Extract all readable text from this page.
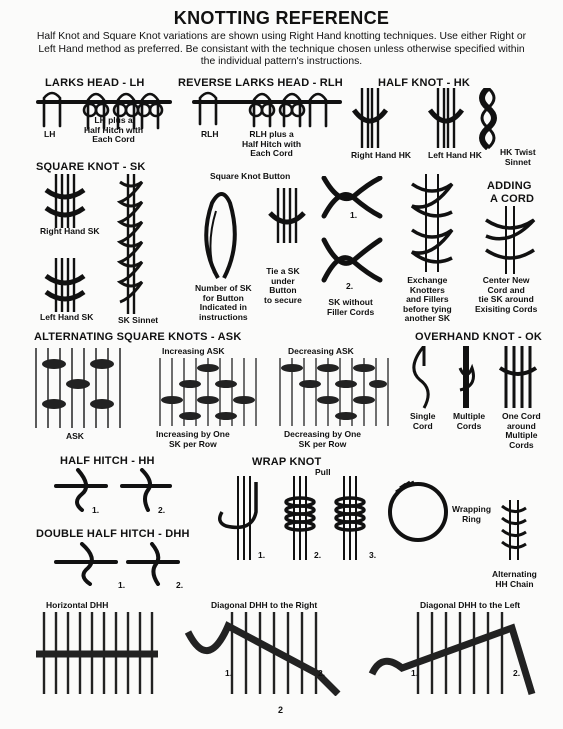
KNOTTING REFERENCE
Half Knot and Square Knot variations are shown using Right Hand knotting techniques. Use either Right or Left Hand method as preferred. Be consistant with the technique chosen unless otherwise specified within the individual pattern's instructions.
LARKS HEAD - LH
LH
LH plus a
Half Hitch with
Each Cord
REVERSE LARKS HEAD - RLH
RLH	RLH plus a
Half Hitch with
Each Cord
HALF KNOT - HK
Right Hand HK Left Hand HK HK Twist
Sinnet
SQUARE KNOT - SK
Right Hand SK
Left Hand SK	SK Sinnet
Square Knot Button
Number of SK
for Button
Indicated in
instructions
Tie a SK
under
Button
to secure
1.
2.
SK without
Filler Cords
Exchange
Knotters
and Fillers
before tying
another SK
ADDING
A CORD
Center New
Cord and
tie SK around
Exisiting Cords
ALTERNATING SQUARE KNOTS - ASK
ASK
Increasing ASK
Increasing by One
SK per Row
Decreasing ASK
Decreasing by One
SK per Row
OVERHAND KNOT - OK
Single
Cord
Multiple
Cords
One Cord
around
Multiple
Cords
HALF HITCH - HH
1.	2.
DOUBLE HALF HITCH - DHH
1.	2.
WRAP KNOT
Pull
1.	2.	3.
Wrapping
Ring
Alternating
HH Chain
Horizontal DHH	Diagonal DHH to the Right
1.	2.
Diagonal DHH to the Left
1.	2.
2
